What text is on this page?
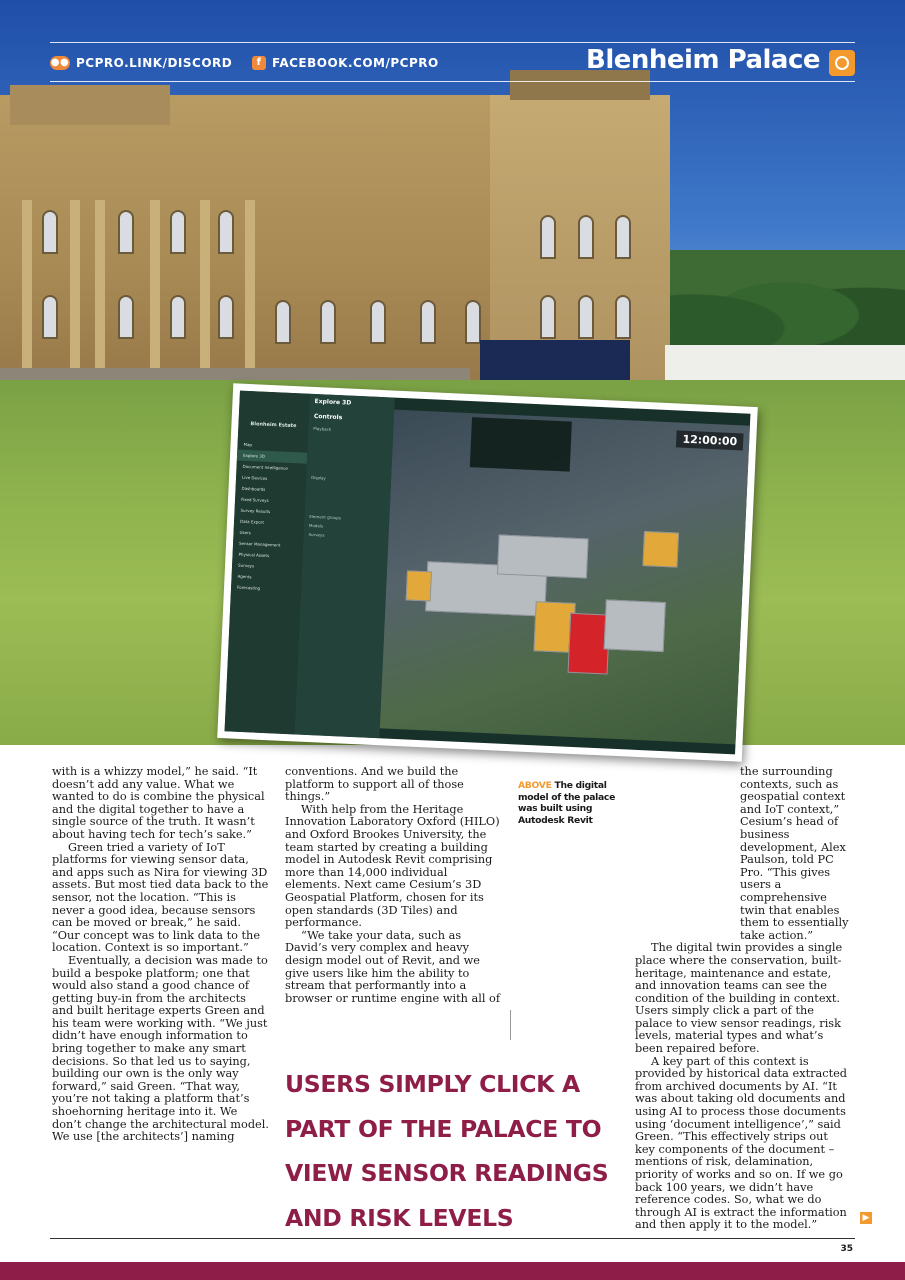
●● PCPRO.LINK/DISCORD	f FACEBOOK.COM/PCPRO	Blenheim Palace
Blenheim Estate
Map
Explore 3D
Document Intelligence
Live Devices
Dashboards
Fixed Surveys
Survey Results
Data Export
Users
Sensor Management
Physical Assets
Surveys
Agents
Forecasting
Explore 3D
Controls
Playback
Display
Element groups
Models
Surveys
12:00:00

with is a whizzy model,” he said. “It doesn’t add any value. What we wanted to do is combine the physical and the digital together to have a single source of the truth. It wasn’t about having tech for tech’s sake.”

Green tried a variety of IoT platforms for viewing sensor data, and apps such as Nira for viewing 3D assets. But most tied data back to the sensor, not the location. “This is never a good idea, because sensors can be moved or break,” he said. “Our concept was to link data to the location. Context is so important.”

Eventually, a decision was made to build a bespoke platform; one that would also stand a good chance of getting buy-in from the architects and built heritage experts Green and his team were working with. “We just didn’t have enough information to bring together to make any smart decisions. So that led us to saying, building our own is the only way forward,” said Green. “That way, you’re not taking a platform that’s shoehorning heritage into it. We don’t change the architectural model. We use [the architects’] naming

conventions. And we build the platform to support all of those things.”

With help from the Heritage Innovation Laboratory Oxford (HILO) and Oxford Brookes University, the team started by creating a building model in Autodesk Revit comprising more than 14,000 individual elements. Next came Cesium’s 3D Geospatial Platform, chosen for its open standards (3D Tiles) and performance.

“We take your data, such as David’s very complex and heavy design model out of Revit, and we give users like him the ability to stream that performantly into a browser or runtime engine with all of

ABOVE The digital model of the palace was built using Autodesk Revit

the surrounding contexts, such as geospatial context and IoT context,” Cesium’s head of business development, Alex Paulson, told PC Pro. “This gives users a comprehensive twin that enables them to essentially take action.”

The digital twin provides a single place where the conservation, built-heritage, maintenance and estate, and innovation teams can see the condition of the building in context. Users simply click a part of the palace to view sensor readings, risk levels, material types and what’s been repaired before.

A key part of this context is provided by historical data extracted from archived documents by AI. “It was about taking old documents and using AI to process those documents using ‘document intelligence’,” said Green. “This effectively strips out key components of the document – mentions of risk, delamination, priority of works and so on. If we go back 100 years, we didn’t have reference codes. So, what we do through AI is extract the information and then apply it to the model.”

USERS SIMPLY CLICK A PART OF THE PALACE TO VIEW SENSOR READINGS AND RISK LEVELS	▶
35
